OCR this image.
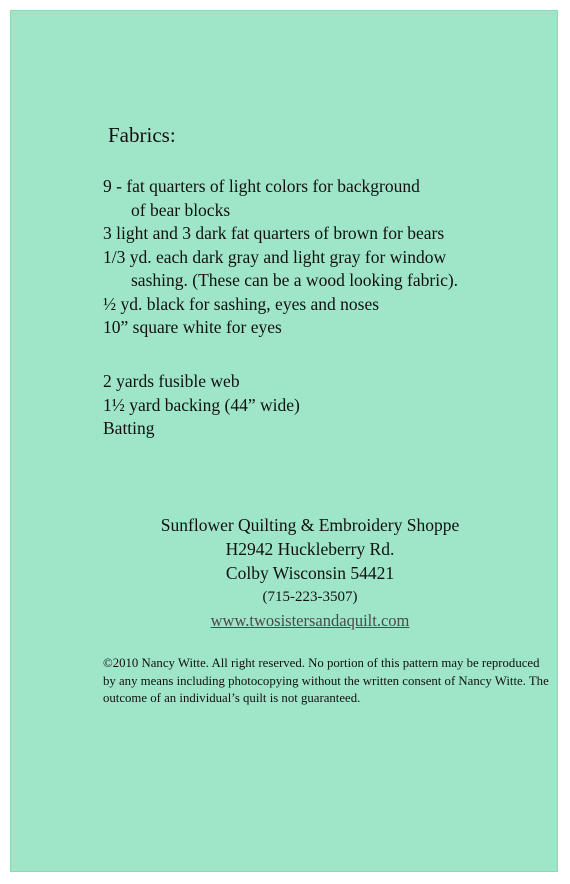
Fabrics:

9 - fat quarters of light colors for background

of bear blocks

3 light and 3 dark fat quarters of brown for bears

1/3 yd. each dark gray and light gray for window

sashing. (These can be a wood looking fabric).

½ yd. black for sashing, eyes and noses

10” square white for eyes

2 yards fusible web

1½ yard backing (44” wide)

Batting

Sunflower Quilting & Embroidery Shoppe
H2942 Huckleberry Rd.
Colby Wisconsin 54421
(715-223-3507)
www.twosistersandaquilt.com

©2010 Nancy Witte. All right reserved. No portion of this pattern may be reproduced by any means including photocopying without the written consent of Nancy Witte. The outcome of an individual’s quilt is not guaranteed.
